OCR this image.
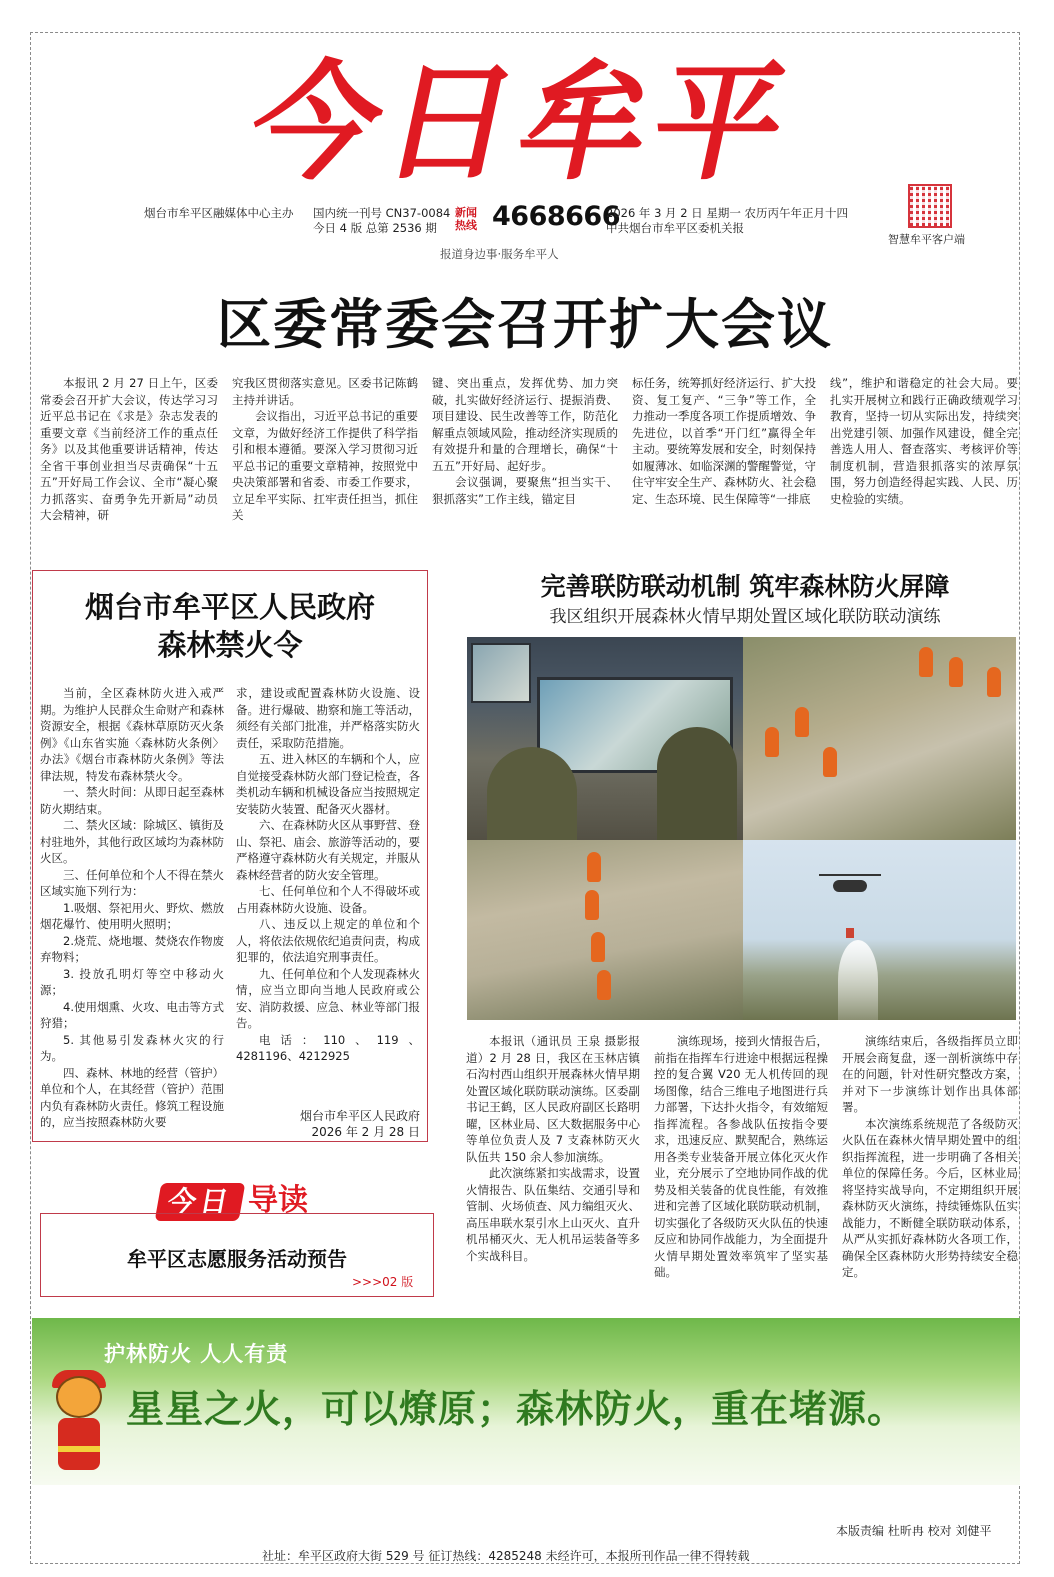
今日牟平
烟台市牟平区融媒体中心主办 国内统一刊号 CN37-0084
今日 4 版 总第 2536 期
新闻
热线 4668666
2026 年 3 月 2 日 星期一 农历丙午年正月十四
中共烟台市牟平区委机关报
智慧牟平客户端
报道身边事·服务牟平人
区委常委会召开扩大会议

本报讯 2 月 27 日上午，区委常委会召开扩大会议，传达学习习近平总书记在《求是》杂志发表的重要文章《当前经济工作的重点任务》以及其他重要讲话精神，传达全省干事创业担当尽责确保“十五五”开好局工作会议、全市“凝心聚力抓落实、奋勇争先开新局”动员大会精神，研

究我区贯彻落实意见。区委书记陈鹤主持并讲话。

会议指出，习近平总书记的重要文章，为做好经济工作提供了科学指引和根本遵循。要深入学习贯彻习近平总书记的重要文章精神，按照党中央决策部署和省委、市委工作要求，立足牟平实际、扛牢责任担当，抓住关

键、突出重点，发挥优势、加力突破，扎实做好经济运行、提振消费、项目建设、民生改善等工作，防范化解重点领域风险，推动经济实现质的有效提升和量的合理增长，确保“十五五”开好局、起好步。

会议强调，要聚焦“担当实干、狠抓落实”工作主线，锚定目

标任务，统筹抓好经济运行、扩大投资、复工复产、“三争”等工作，全力推动一季度各项工作提质增效、争先进位，以首季“开门红”赢得全年主动。要统筹发展和安全，时刻保持如履薄冰、如临深渊的警醒警觉，守住守牢安全生产、森林防火、社会稳定、生态环境、民生保障等“一排底

线”，维护和谐稳定的社会大局。要扎实开展树立和践行正确政绩观学习教育，坚持一切从实际出发，持续突出党建引领、加强作风建设，健全完善选人用人、督查落实、考核评价等制度机制，营造狠抓落实的浓厚氛围，努力创造经得起实践、人民、历史检验的实绩。

烟台市牟平区人民政府
森林禁火令

当前，全区森林防火进入戒严期。为维护人民群众生命财产和森林资源安全，根据《森林草原防灭火条例》《山东省实施〈森林防火条例〉办法》《烟台市森林防火条例》等法律法规，特发布森林禁火令。

一、禁火时间：从即日起至森林防火期结束。

二、禁火区域：除城区、镇街及村驻地外，其他行政区域均为森林防火区。

三、任何单位和个人不得在禁火区域实施下列行为：

1.吸烟、祭祀用火、野炊、燃放烟花爆竹、使用明火照明；

2.烧荒、烧地堰、焚烧农作物废弃物料；

3. 投放孔明灯等空中移动火源；

4.使用烟熏、火攻、电击等方式狩猎；

5. 其他易引发森林火灾的行为。

四、森林、林地的经营（管护）单位和个人，在其经营（管护）范围内负有森林防火责任。修筑工程设施的，应当按照森林防火要

求，建设或配置森林防火设施、设备。进行爆破、勘察和施工等活动，须经有关部门批准，并严格落实防火责任，采取防范措施。

五、进入林区的车辆和个人，应自觉接受森林防火部门登记检查，各类机动车辆和机械设备应当按照规定安装防火装置、配备灭火器材。

六、在森林防火区从事野营、登山、祭祀、庙会、旅游等活动的，要严格遵守森林防火有关规定，并服从森林经营者的防火安全管理。

七、任何单位和个人不得破坏或占用森林防火设施、设备。

八、违反以上规定的单位和个人，将依法依规依纪追责问责，构成犯罪的，依法追究刑事责任。

九、任何单位和个人发现森林火情，应当立即向当地人民政府或公安、消防救援、应急、林业等部门报告。

电话：110、119、4281196、4212925

烟台市牟平区人民政府
2026 年 2 月 28 日
完善联防联动机制 筑牢森林防火屏障
我区组织开展森林火情早期处置区域化联防联动演练

本报讯（通讯员 王泉 摄影报道）2 月 28 日，我区在玉林店镇石沟村西山组织开展森林火情早期处置区域化联防联动演练。区委副书记王鹤，区人民政府副区长路明曜，区林业局、区大数据服务中心等单位负责人及 7 支森林防灭火队伍共 150 余人参加演练。

此次演练紧扣实战需求，设置火情报告、队伍集结、交通引导和管制、火场侦查、风力编组灭火、高压串联水泵引水上山灭火、直升机吊桶灭火、无人机吊运装备等多个实战科目。

演练现场，接到火情报告后，前指在指挥车行进途中根据远程操控的复合翼 V20 无人机传回的现场图像，结合三维电子地图进行兵力部署，下达扑火指令，有效缩短指挥流程。各参战队伍按指令要求，迅速反应、默契配合，熟练运用各类专业装备开展立体化灭火作业，充分展示了空地协同作战的优势及相关装备的优良性能，有效推进和完善了区域化联防联动机制，切实强化了各级防灭火队伍的快速反应和协同作战能力，为全面提升火情早期处置效率筑牢了坚实基础。

演练结束后，各级指挥员立即开展会商复盘，逐一剖析演练中存在的问题，针对性研究整改方案，并对下一步演练计划作出具体部署。

本次演练系统规范了各级防灭火队伍在森林火情早期处置中的组织指挥流程，进一步明确了各相关单位的保障任务。今后，区林业局将坚持实战导向，不定期组织开展森林防灭火演练，持续锤炼队伍实战能力，不断健全联防联动体系，从严从实抓好森林防火各项工作，确保全区森林防火形势持续安全稳定。

今日 导读
牟平区志愿服务活动预告
>>>02 版
护林防火 人人有责
星星之火，可以燎原；森林防火，重在堵源。
本版责编 杜昕冉 校对 刘健平
社址：牟平区政府大街 529 号 征订热线：4285248 未经许可，本报所刊作品一律不得转载
